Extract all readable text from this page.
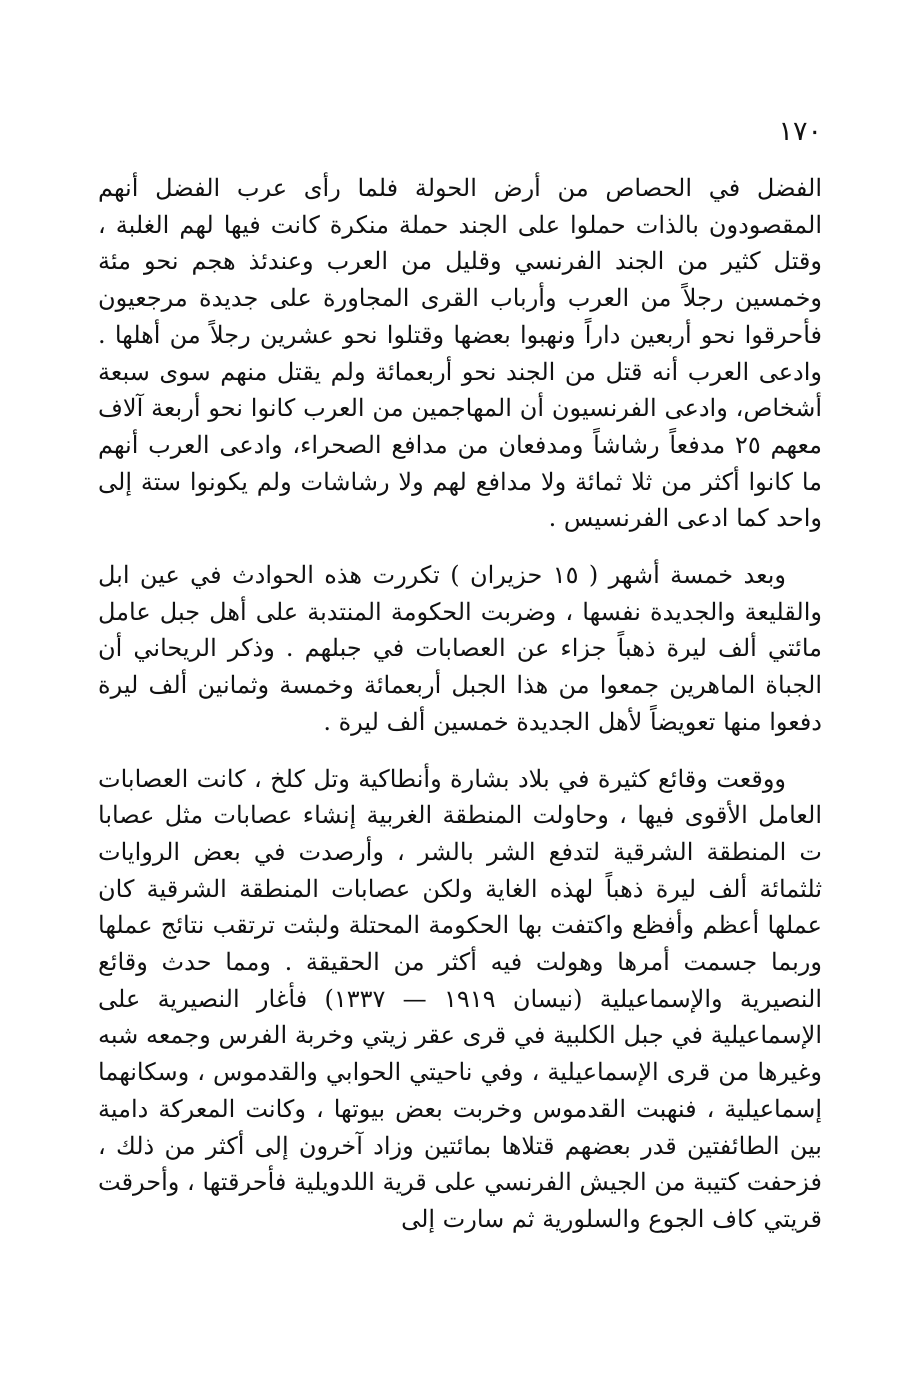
١٧٠

الفضل في الحصاص من أرض الحولة فلما رأى عرب الفضل أنهم المقصودون بالذات حملوا على الجند حملة منكرة كانت فيها لهم الغلبة ، وقتل كثير من الجند الفرنسي وقليل من العرب وعندئذ هجم نحو مئة وخمسين رجلاً من العرب وأرباب القرى المجاورة على جديدة مرجعيون فأحرقوا نحو أربعين داراً ونهبوا بعضها وقتلوا نحو عشرين رجلاً من أهلها . وادعى العرب أنه قتل من الجند نحو أربعمائة ولم يقتل منهم سوى سبعة أشخاص، وادعى الفرنسيون أن المهاجمين من العرب كانوا نحو أربعة آلاف معهم ٢٥ مدفعاً رشاشاً ومدفعان من مدافع الصحراء، وادعى العرب أنهم ما كانوا أكثر من ثلا ثمائة ولا مدافع لهم ولا رشاشات ولم يكونوا ستة إلى واحد كما ادعى الفرنسيس .

وبعد خمسة أشهر ( ١٥ حزيران ) تكررت هذه الحوادث في عين ابل والقليعة والجديدة نفسها ، وضربت الحكومة المنتدبة على أهل جبل عامل مائتي ألف ليرة ذهباً جزاء عن العصابات في جبلهم . وذكر الريحاني أن الجباة الماهرين جمعوا من هذا الجبل أربعمائة وخمسة وثمانين ألف ليرة دفعوا منها تعويضاً لأهل الجديدة خمسين ألف ليرة .

ووقعت وقائع كثيرة في بلاد بشارة وأنطاكية وتل كلخ ، كانت العصابات العامل الأقوى فيها ، وحاولت المنطقة الغربية إنشاء عصابات مثل عصابا ت المنطقة الشرقية لتدفع الشر بالشر ، وأرصدت في بعض الروايات ثلثمائة ألف ليرة ذهباً لهذه الغاية ولكن عصابات المنطقة الشرقية كان عملها أعظم وأفظع واكتفت بها الحكومة المحتلة ولبثت ترتقب نتائج عملها وربما جسمت أمرها وهولت فيه أكثر من الحقيقة . ومما حدث وقائع النصيرية والإسماعيلية (نيسان ١٩١٩ — ١٣٣٧) فأغار النصيرية على الإسماعيلية في جبل الكلبية في قرى عقر زيتي وخربة الفرس وجمعه شبه وغيرها من قرى الإسماعيلية ، وفي ناحيتي الحوابي والقدموس ، وسكانهما إسماعيلية ، فنهبت القدموس وخربت بعض بيوتها ، وكانت المعركة دامية بين الطائفتين قدر بعضهم قتلاها بمائتين وزاد آخرون إلى أكثر من ذلك ، فزحفت كتيبة من الجيش الفرنسي على قرية اللدويلية فأحرقتها ، وأحرقت قريتي كاف الجوع والسلورية ثم سارت إلى
